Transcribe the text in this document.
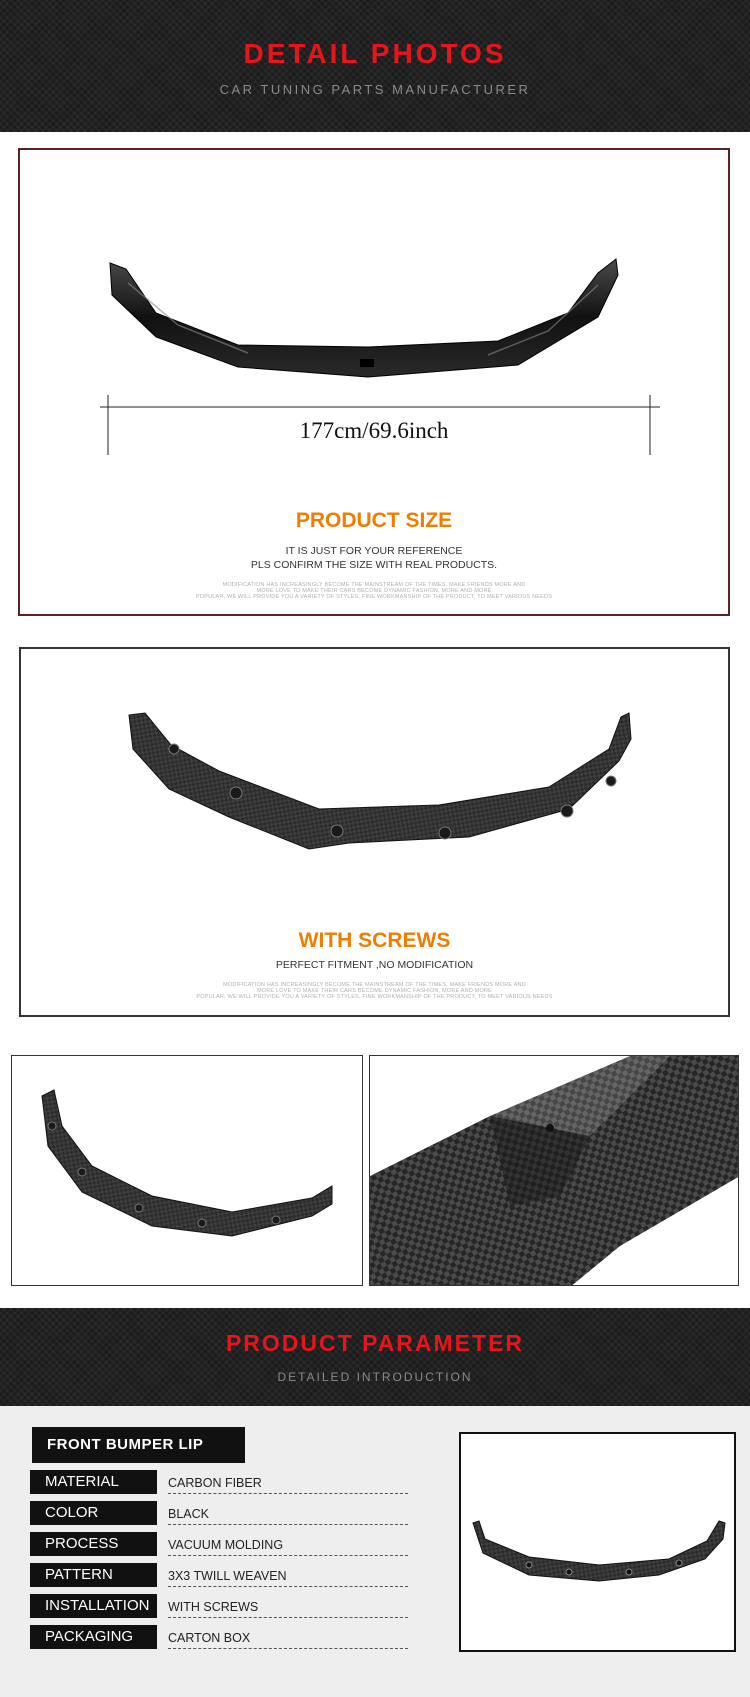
DETAIL PHOTOS
CAR TUNING PARTS MANUFACTURER
177cm/69.6inch
PRODUCT SIZE
IT IS JUST FOR YOUR REFERENCE
PLS CONFIRM THE SIZE WITH REAL PRODUCTS.
MODIFICATION HAS INCREASINGLY BECOME THE MAINSTREAM OF THE TIMES, MAKE FRIENDS MORE AND
MORE LOVE TO MAKE THEIR CARS BECOME DYNAMIC FASHION, MORE AND MORE
POPULAR, WE WILL PROVIDE YOU A VARIETY OF STYLES, FINE WORKMANSHIP OF THE PRODUCT, TO MEET VARIOUS NEEDS
WITH SCREWS
PERFECT FITMENT ,NO MODIFICATION
MODIFICATION HAS INCREASINGLY BECOME THE MAINSTREAM OF THE TIMES, MAKE FRIENDS MORE AND
MORE LOVE TO MAKE THEIR CARS BECOME DYNAMIC FASHION, MORE AND MORE
POPULAR, WE WILL PROVIDE YOU A VARIETY OF STYLES, FINE WORKMANSHIP OF THE PRODUCT, TO MEET VARIOUS NEEDS
PRODUCT PARAMETER
DETAILED INTRODUCTION
FRONT BUMPER LIP
MATERIAL	CARBON FIBER
COLOR	BLACK
PROCESS	VACUUM MOLDING
PATTERN	3X3 TWILL WEAVEN
INSTALLATION	WITH SCREWS
PACKAGING	CARTON BOX
